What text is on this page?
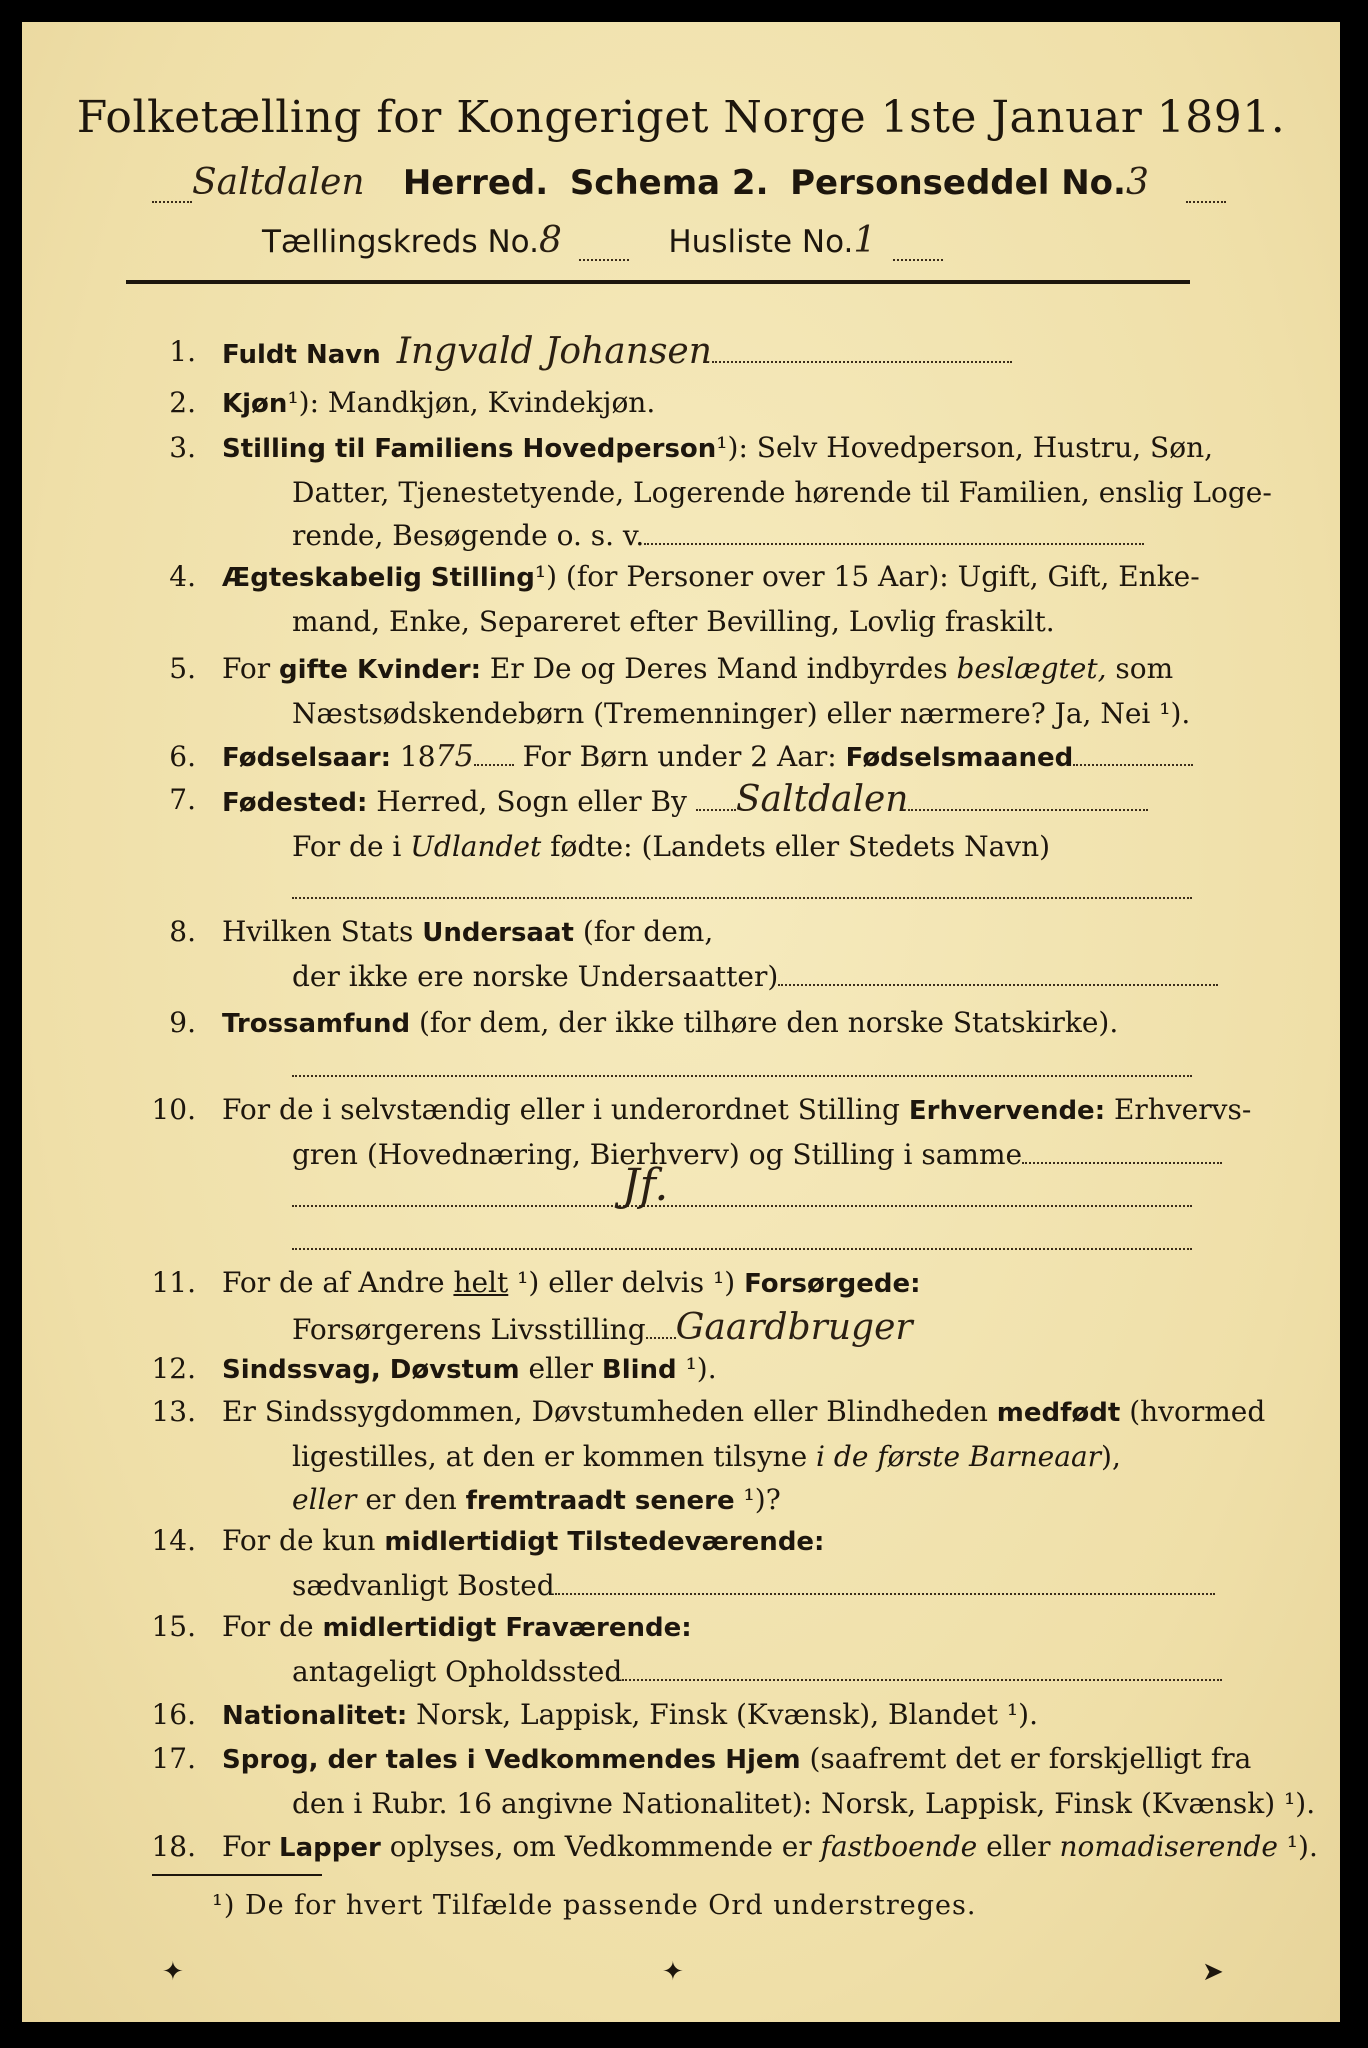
Folketælling for Kongeriget Norge 1ste Januar 1891.
Saltdalen Herred. Schema 2. Personseddel No.3
Tællingskreds No.8	Husliste No.1
1. Fuldt Navn Ingvald Johansen
2. Kjøn¹): Mandkjøn, Kvindekjøn.
3. Stilling til Familiens Hovedperson¹): Selv Hovedperson, Hustru, Søn,
Datter, Tjenestetyende, Logerende hørende til Familien, enslig Loge-
rende, Besøgende o. s. v.
4. Ægteskabelig Stilling¹) (for Personer over 15 Aar): Ugift, Gift, Enke-
mand, Enke, Separeret efter Bevilling, Lovlig fraskilt.
5. For gifte Kvinder: Er De og Deres Mand indbyrdes beslægtet, som
Næstsødskendebørn (Tremenninger) eller nærmere? Ja, Nei ¹).
6. Fødselsaar: 1875 For Børn under 2 Aar: Fødselsmaaned
7. Fødested: Herred, Sogn eller By Saltdalen
For de i Udlandet fødte: (Landets eller Stedets Navn)
8. Hvilken Stats Undersaat (for dem,
der ikke ere norske Undersaatter)
9. Trossamfund (for dem, der ikke tilhøre den norske Statskirke).
10. For de i selvstændig eller i underordnet Stilling Erhvervende: Erhvervs-
gren (Hovednæring, Bierhverv) og Stilling i samme
Jf.
11. For de af Andre helt ¹) eller delvis ¹) Forsørgede:
Forsørgerens Livsstilling Gaardbruger
12. Sindssvag, Døvstum eller Blind ¹).
13. Er Sindssygdommen, Døvstumheden eller Blindheden medfødt (hvormed
ligestilles, at den er kommen tilsyne i de første Barneaar),
eller er den fremtraadt senere ¹)?
14. For de kun midlertidigt Tilstedeværende:
sædvanligt Bosted
15. For de midlertidigt Fraværende:
antageligt Opholdssted
16. Nationalitet: Norsk, Lappisk, Finsk (Kvænsk), Blandet ¹).
17. Sprog, der tales i Vedkommendes Hjem (saafremt det er forskjelligt fra
den i Rubr. 16 angivne Nationalitet): Norsk, Lappisk, Finsk (Kvænsk) ¹).
18. For Lapper oplyses, om Vedkommende er fastboende eller nomadiserende ¹).
¹) De for hvert Tilfælde passende Ord understreges.
✦	✦	➤
